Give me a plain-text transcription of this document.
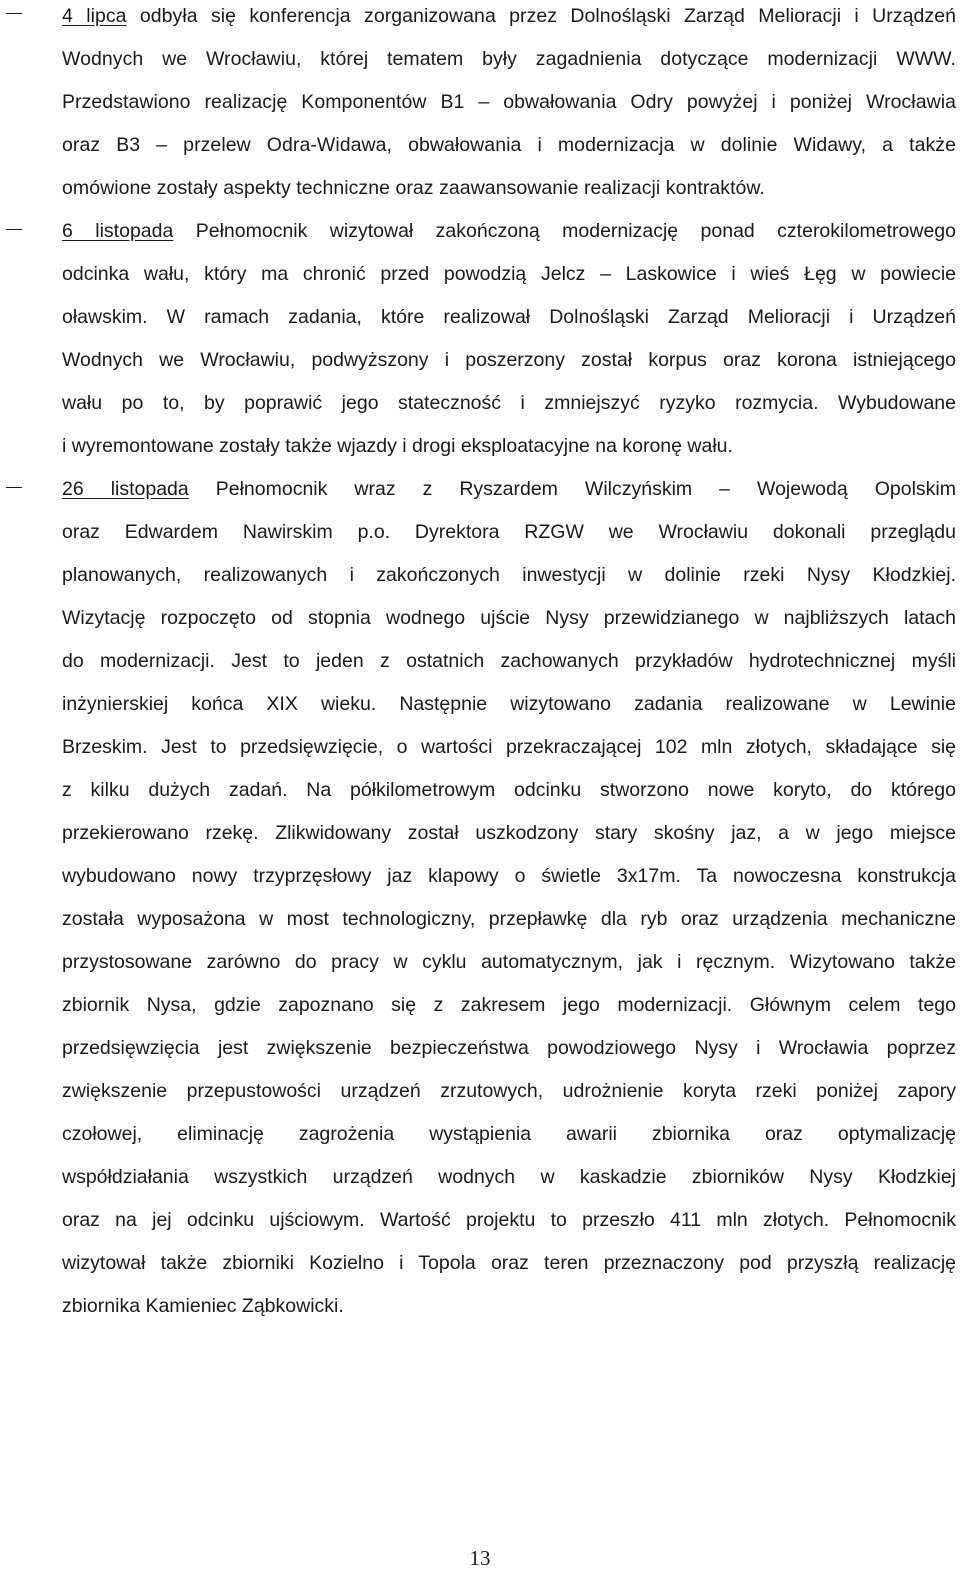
4 lipca odbyła się konferencja zorganizowana przez Dolnośląski Zarząd Melioracji i Urządzeń
Wodnych we Wrocławiu, której tematem były zagadnienia dotyczące modernizacji WWW.
Przedstawiono realizację Komponentów B1 – obwałowania Odry powyżej i poniżej Wrocławia
oraz B3 – przelew Odra-Widawa, obwałowania i modernizacja w dolinie Widawy, a także
omówione zostały aspekty techniczne oraz zaawansowanie realizacji kontraktów.
6 listopada Pełnomocnik wizytował zakończoną modernizację ponad czterokilometrowego
odcinka wału, który ma chronić przed powodzią Jelcz – Laskowice i wieś Łęg w powiecie
oławskim. W ramach zadania, które realizował Dolnośląski Zarząd Melioracji i Urządzeń
Wodnych we Wrocławiu, podwyższony i poszerzony został korpus oraz korona istniejącego
wału po to, by poprawić jego stateczność i zmniejszyć ryzyko rozmycia. Wybudowane
i wyremontowane zostały także wjazdy i drogi eksploatacyjne na koronę wału.
26 listopada Pełnomocnik wraz z Ryszardem Wilczyńskim – Wojewodą Opolskim
oraz Edwardem Nawirskim p.o. Dyrektora RZGW we Wrocławiu dokonali przeglądu
planowanych, realizowanych i zakończonych inwestycji w dolinie rzeki Nysy Kłodzkiej.
Wizytację rozpoczęto od stopnia wodnego ujście Nysy przewidzianego w najbliższych latach
do modernizacji. Jest to jeden z ostatnich zachowanych przykładów hydrotechnicznej myśli
inżynierskiej końca XIX wieku. Następnie wizytowano zadania realizowane w Lewinie
Brzeskim. Jest to przedsięwzięcie, o wartości przekraczającej 102 mln złotych, składające się
z kilku dużych zadań. Na półkilometrowym odcinku stworzono nowe koryto, do którego
przekierowano rzekę. Zlikwidowany został uszkodzony stary skośny jaz, a w jego miejsce
wybudowano nowy trzyprzęsłowy jaz klapowy o świetle 3x17m. Ta nowoczesna konstrukcja
została wyposażona w most technologiczny, przepławkę dla ryb oraz urządzenia mechaniczne
przystosowane zarówno do pracy w cyklu automatycznym, jak i ręcznym. Wizytowano także
zbiornik Nysa, gdzie zapoznano się z zakresem jego modernizacji. Głównym celem tego
przedsięwzięcia jest zwiększenie bezpieczeństwa powodziowego Nysy i Wrocławia poprzez
zwiększenie przepustowości urządzeń zrzutowych, udrożnienie koryta rzeki poniżej zapory
czołowej, eliminację zagrożenia wystąpienia awarii zbiornika oraz optymalizację
współdziałania wszystkich urządzeń wodnych w kaskadzie zbiorników Nysy Kłodzkiej
oraz na jej odcinku ujściowym. Wartość projektu to przeszło 411 mln złotych. Pełnomocnik
wizytował także zbiorniki Kozielno i Topola oraz teren przeznaczony pod przyszłą realizację
zbiornika Kamieniec Ząbkowicki.
13
